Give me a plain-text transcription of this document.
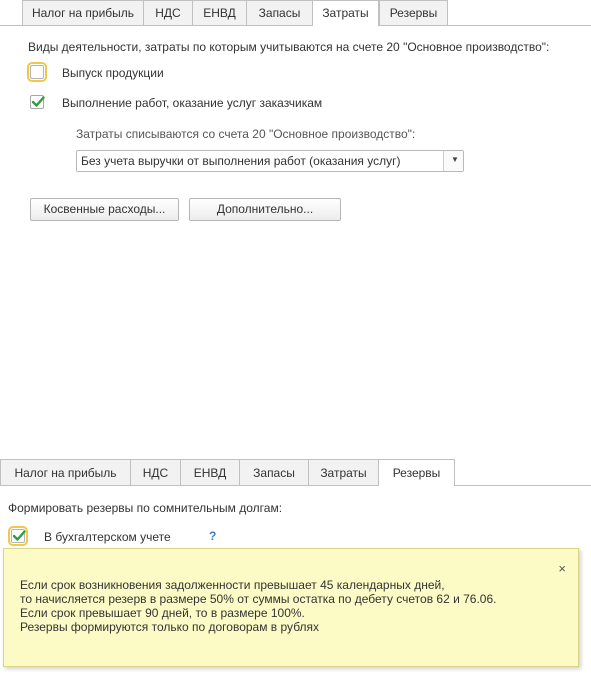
Налог на прибыль	НДС	ЕНВД	Запасы	Затраты	Резервы
Виды деятельности, затраты по которым учитываются на счете 20 "Основное производство":
Выпуск продукции
Выполнение работ, оказание услуг заказчикам
Затраты списываются со счета 20 "Основное производство":
Без учета выручки от выполнения работ (оказания услуг)	▼
Косвенные расходы...	Дополнительно...
Налог на прибыль	НДС	ЕНВД	Запасы	Затраты	Резервы
Формировать резервы по сомнительным долгам:
В бухгалтерском учете	?
×
Если срок возникновения задолженности превышает 45 календарных дней,
то начисляется резерв в размере 50% от суммы остатка по дебету счетов 62 и 76.06.
Если срок превышает 90 дней, то в размере 100%.
Резервы формируются только по договорам в рублях
